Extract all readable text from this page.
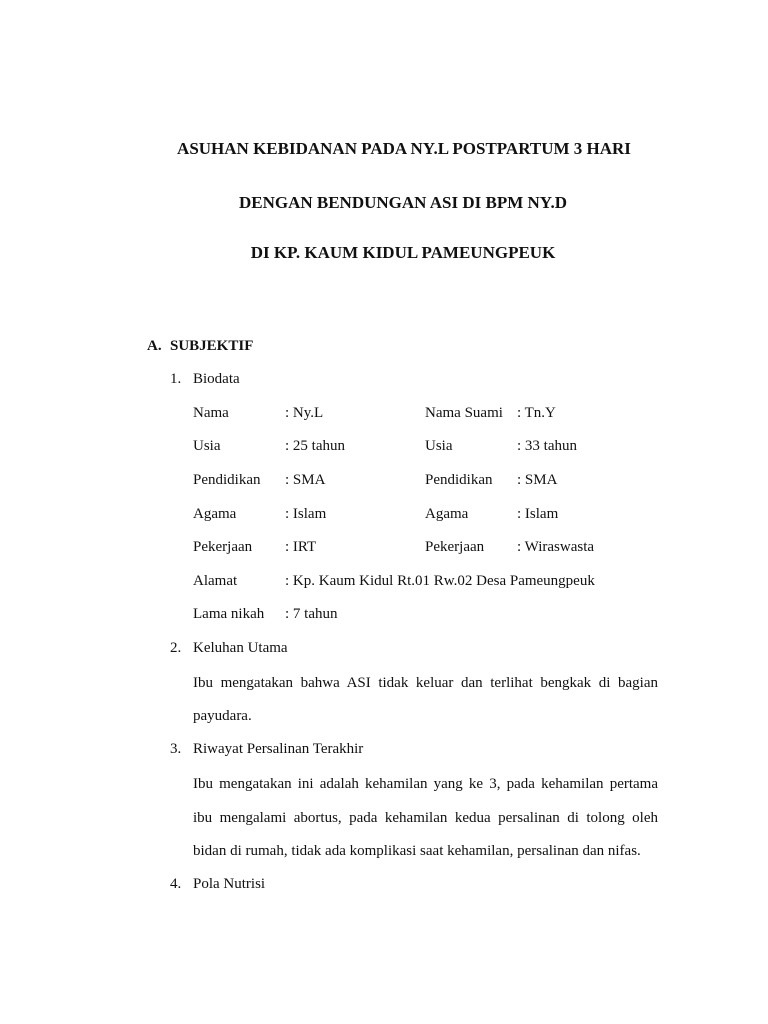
ASUHAN KEBIDANAN PADA NY.L POSTPARTUM 3 HARI
DENGAN BENDUNGAN ASI DI BPM NY.D
DI KP. KAUM KIDUL PAMEUNGPEUK
A. SUBJEKTIF
1. Biodata
Nama	: Ny.L	Nama Suami : Tn.Y
Usia	: 25 tahun	Usia	: 33 tahun
Pendidikan : SMA	Pendidikan : SMA
Agama	: Islam	Agama	: Islam
Pekerjaan : IRT	Pekerjaan : Wiraswasta
Alamat	: Kp. Kaum Kidul Rt.01 Rw.02 Desa Pameungpeuk
Lama nikah : 7 tahun
2. Keluhan Utama
Ibu mengatakan bahwa ASI tidak keluar dan terlihat bengkak di bagian
payudara.
3. Riwayat Persalinan Terakhir
Ibu mengatakan ini adalah kehamilan yang ke 3, pada kehamilan pertama
ibu mengalami abortus, pada kehamilan kedua persalinan di tolong oleh
bidan di rumah, tidak ada komplikasi saat kehamilan, persalinan dan nifas.
4. Pola Nutrisi
